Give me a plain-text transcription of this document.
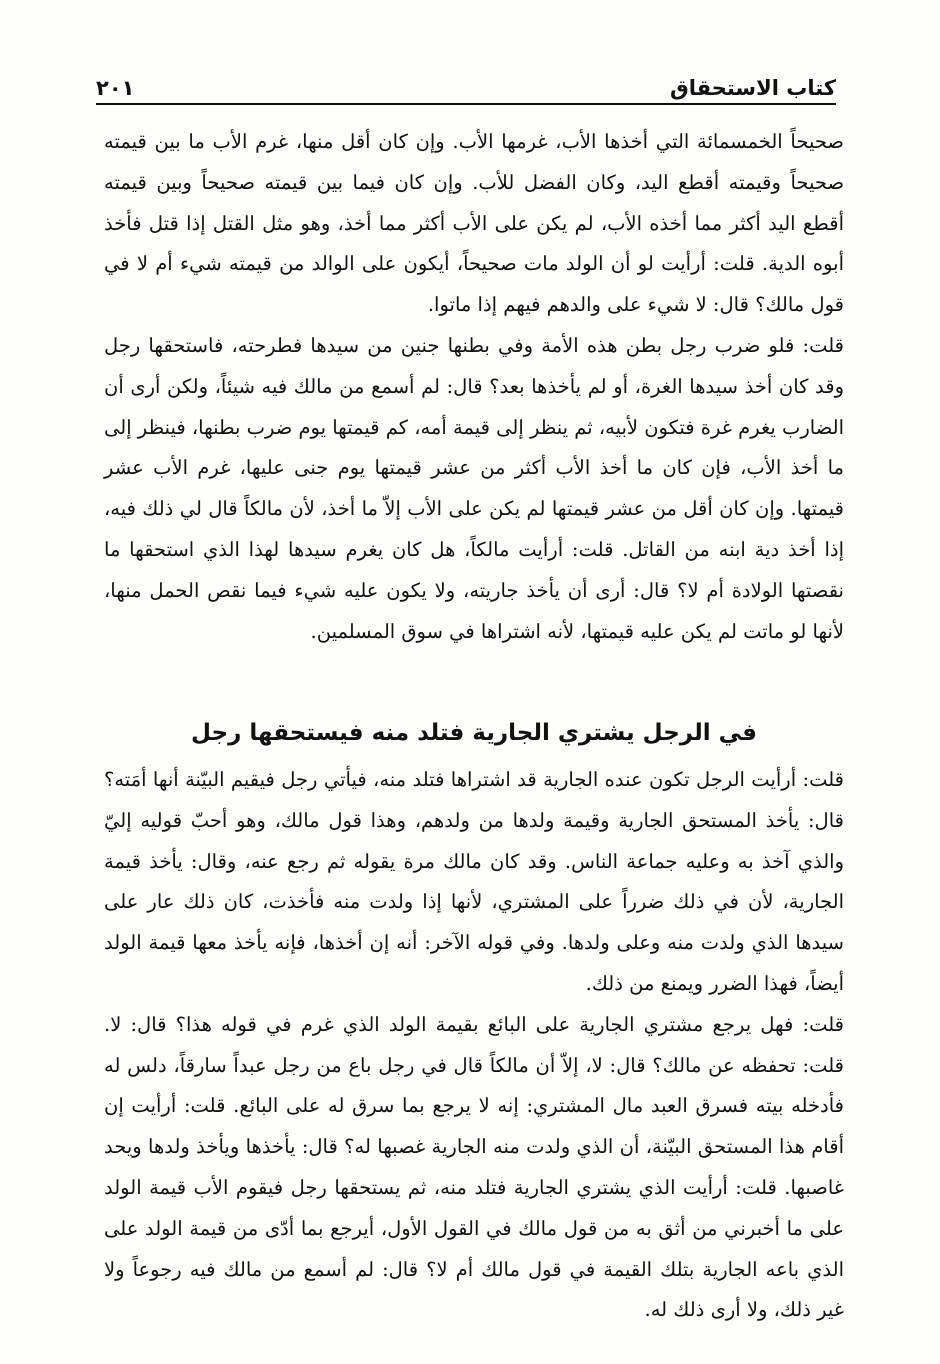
كتاب الاستحقاق
٢٠١

صحيحاً الخمسمائة التي أخذها الأب، غرمها الأب. وإن كان أقل منها، غرم الأب ما بين قيمته صحيحاً وقيمته أقطع اليد، وكان الفضل للأب. وإن كان فيما بين قيمته صحيحاً وبين قيمته أقطع اليد أكثر مما أخذه الأب، لم يكن على الأب أكثر مما أخذ، وهو مثل القتل إذا قتل فأخذ أبوه الدية. قلت: أرأيت لو أن الولد مات صحيحاً، أيكون على الوالد من قيمته شيء أم لا في قول مالك؟ قال: لا شيء على والدهم فيهم إذا ماتوا.

قلت: فلو ضرب رجل بطن هذه الأمة وفي بطنها جنين من سيدها فطرحته، فاستحقها رجل وقد كان أخذ سيدها الغرة، أو لم يأخذها بعد؟ قال: لم أسمع من مالك فيه شيئاً، ولكن أرى أن الضارب يغرم غرة فتكون لأبيه، ثم ينظر إلى قيمة أمه، كم قيمتها يوم ضرب بطنها، فينظر إلى ما أخذ الأب، فإن كان ما أخذ الأب أكثر من عشر قيمتها يوم جنى عليها، غرم الأب عشر قيمتها. وإن كان أقل من عشر قيمتها لم يكن على الأب إلاّ ما أخذ، لأن مالكاً قال لي ذلك فيه، إذا أخذ دية ابنه من القاتل. قلت: أرأيت مالكاً، هل كان يغرم سيدها لهذا الذي استحقها ما نقصتها الولادة أم لا؟ قال: أرى أن يأخذ جاريته، ولا يكون عليه شيء فيما نقص الحمل منها، لأنها لو ماتت لم يكن عليه قيمتها، لأنه اشتراها في سوق المسلمين.

في الرجل يشتري الجارية فتلد منه فيستحقها رجل

قلت: أرأيت الرجل تكون عنده الجارية قد اشتراها فتلد منه، فيأتي رجل فيقيم البيّنة أنها أمَته؟ قال: يأخذ المستحق الجارية وقيمة ولدها من ولدهم، وهذا قول مالك، وهو أحبّ قوليه إليّ والذي آخذ به وعليه جماعة الناس. وقد كان مالك مرة يقوله ثم رجع عنه، وقال: يأخذ قيمة الجارية، لأن في ذلك ضرراً على المشتري، لأنها إذا ولدت منه فأخذت، كان ذلك عار على سيدها الذي ولدت منه وعلى ولدها. وفي قوله الآخر: أنه إن أخذها، فإنه يأخذ معها قيمة الولد أيضاً، فهذا الضرر ويمنع من ذلك.

قلت: فهل يرجع مشتري الجارية على البائع بقيمة الولد الذي غرم في قوله هذا؟ قال: لا. قلت: تحفظه عن مالك؟ قال: لا، إلاّ أن مالكاً قال في رجل باع من رجل عبداً سارقاً، دلس له فأدخله بيته فسرق العبد مال المشتري: إنه لا يرجع بما سرق له على البائع. قلت: أرأيت إن أقام هذا المستحق البيّنة، أن الذي ولدت منه الجارية غصبها له؟ قال: يأخذها ويأخذ ولدها ويحد غاصبها. قلت: أرأيت الذي يشتري الجارية فتلد منه، ثم يستحقها رجل فيقوم الأب قيمة الولد على ما أخبرني من أثق به من قول مالك في القول الأول، أيرجع بما أدّى من قيمة الولد على الذي باعه الجارية بتلك القيمة في قول مالك أم لا؟ قال: لم أسمع من مالك فيه رجوعاً ولا غير ذلك، ولا أرى ذلك له.
